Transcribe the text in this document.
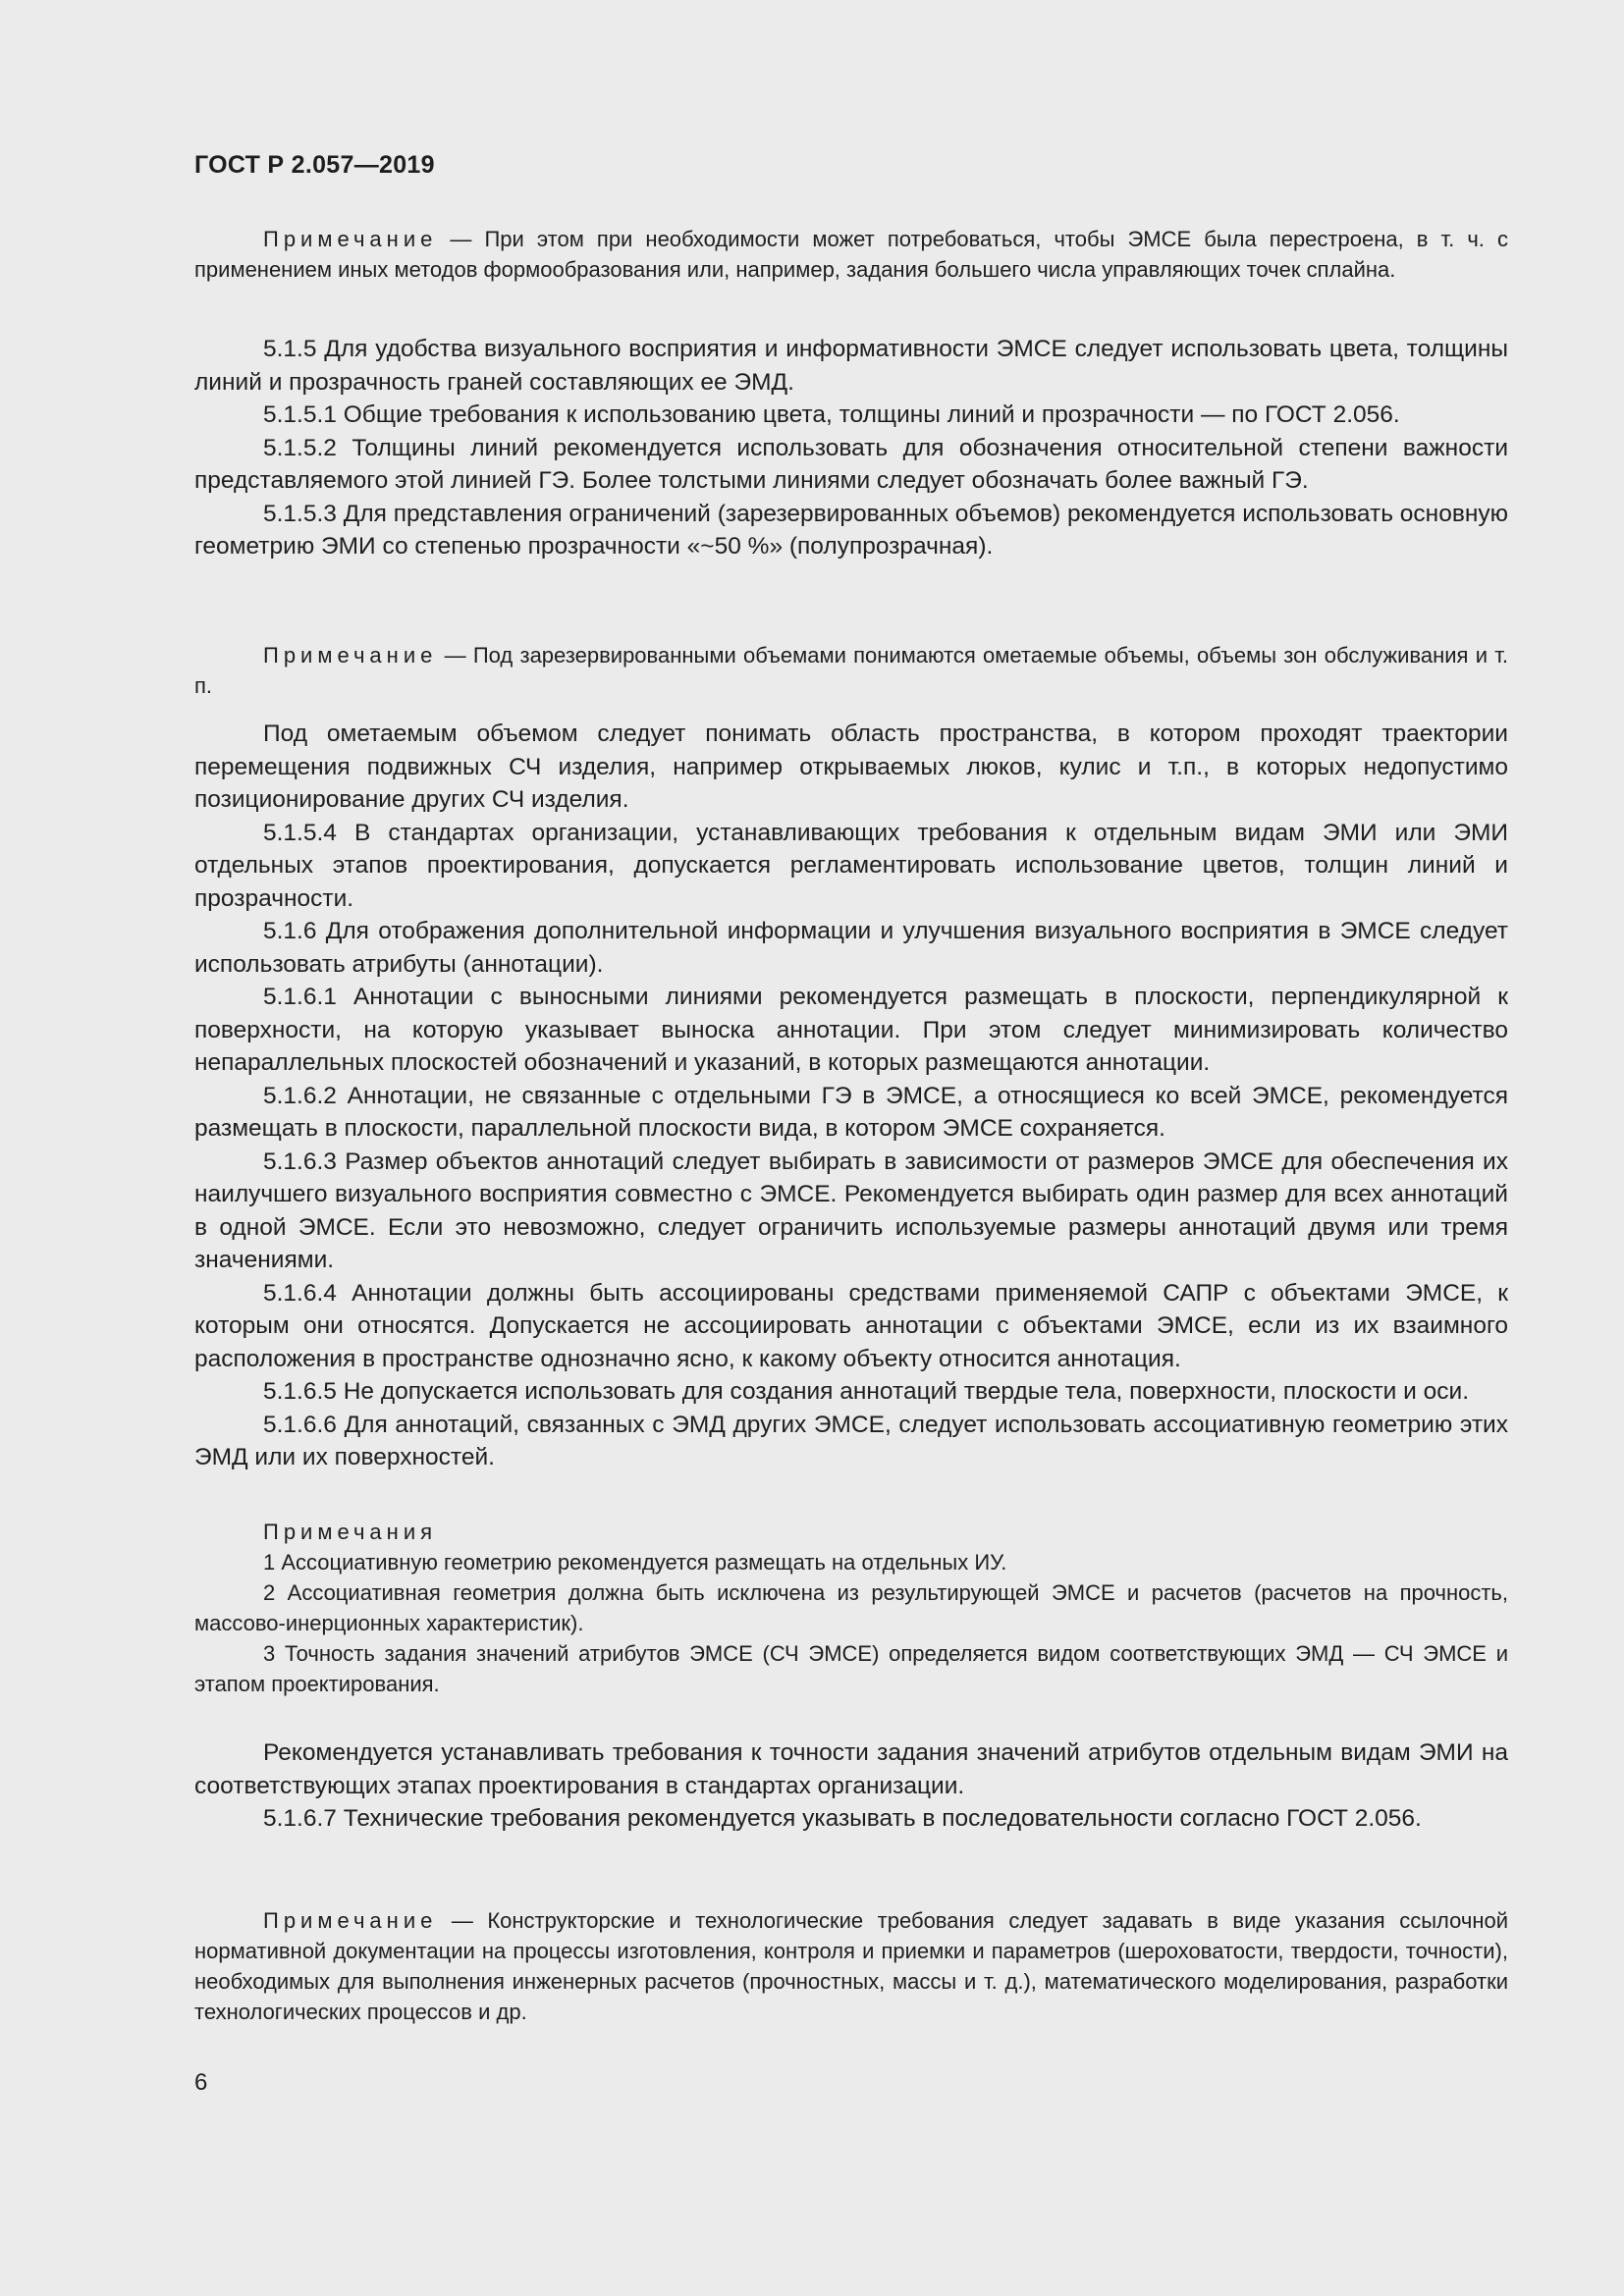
ГОСТ Р 2.057—2019

Примечание — При этом при необходимости может потребоваться, чтобы ЭМСЕ была перестроена, в т. ч. с применением иных методов формообразования или, например, задания большего числа управляющих точек сплайна.

5.1.5 Для удобства визуального восприятия и информативности ЭМСЕ следует использовать цвета, толщины линий и прозрачность граней составляющих ее ЭМД.

5.1.5.1 Общие требования к использованию цвета, толщины линий и прозрачности — по ГОСТ 2.056.

5.1.5.2 Толщины линий рекомендуется использовать для обозначения относительной степени важности представляемого этой линией ГЭ. Более толстыми линиями следует обозначать более важный ГЭ.

5.1.5.3 Для представления ограничений (зарезервированных объемов) рекомендуется использовать основную геометрию ЭМИ со степенью прозрачности «~50 %» (полупрозрачная).

Примечание — Под зарезервированными объемами понимаются ометаемые объемы, объемы зон обслуживания и т. п.

Под ометаемым объемом следует понимать область пространства, в котором проходят траектории перемещения подвижных СЧ изделия, например открываемых люков, кулис и т.п., в которых недопустимо позиционирование других СЧ изделия.

5.1.5.4 В стандартах организации, устанавливающих требования к отдельным видам ЭМИ или ЭМИ отдельных этапов проектирования, допускается регламентировать использование цветов, толщин линий и прозрачности.

5.1.6 Для отображения дополнительной информации и улучшения визуального восприятия в ЭМСЕ следует использовать атрибуты (аннотации).

5.1.6.1 Аннотации с выносными линиями рекомендуется размещать в плоскости, перпендикулярной к поверхности, на которую указывает выноска аннотации. При этом следует минимизировать количество непараллельных плоскостей обозначений и указаний, в которых размещаются аннотации.

5.1.6.2 Аннотации, не связанные с отдельными ГЭ в ЭМСЕ, а относящиеся ко всей ЭМСЕ, рекомендуется размещать в плоскости, параллельной плоскости вида, в котором ЭМСЕ сохраняется.

5.1.6.3 Размер объектов аннотаций следует выбирать в зависимости от размеров ЭМСЕ для обеспечения их наилучшего визуального восприятия совместно с ЭМСЕ. Рекомендуется выбирать один размер для всех аннотаций в одной ЭМСЕ. Если это невозможно, следует ограничить используемые размеры аннотаций двумя или тремя значениями.

5.1.6.4 Аннотации должны быть ассоциированы средствами применяемой САПР с объектами ЭМСЕ, к которым они относятся. Допускается не ассоциировать аннотации с объектами ЭМСЕ, если из их взаимного расположения в пространстве однозначно ясно, к какому объекту относится аннотация.

5.1.6.5 Не допускается использовать для создания аннотаций твердые тела, поверхности, плоскости и оси.

5.1.6.6 Для аннотаций, связанных с ЭМД других ЭМСЕ, следует использовать ассоциативную геометрию этих ЭМД или их поверхностей.

Примечания

1 Ассоциативную геометрию рекомендуется размещать на отдельных ИУ.

2 Ассоциативная геометрия должна быть исключена из результирующей ЭМСЕ и расчетов (расчетов на прочность, массово-инерционных характеристик).

3 Точность задания значений атрибутов ЭМСЕ (СЧ ЭМСЕ) определяется видом соответствующих ЭМД — СЧ ЭМСЕ и этапом проектирования.

Рекомендуется устанавливать требования к точности задания значений атрибутов отдельным видам ЭМИ на соответствующих этапах проектирования в стандартах организации.

5.1.6.7 Технические требования рекомендуется указывать в последовательности согласно ГОСТ 2.056.

Примечание — Конструкторские и технологические требования следует задавать в виде указания ссылочной нормативной документации на процессы изготовления, контроля и приемки и параметров (шероховатости, твердости, точности), необходимых для выполнения инженерных расчетов (прочностных, массы и т. д.), математического моделирования, разработки технологических процессов и др.

6
